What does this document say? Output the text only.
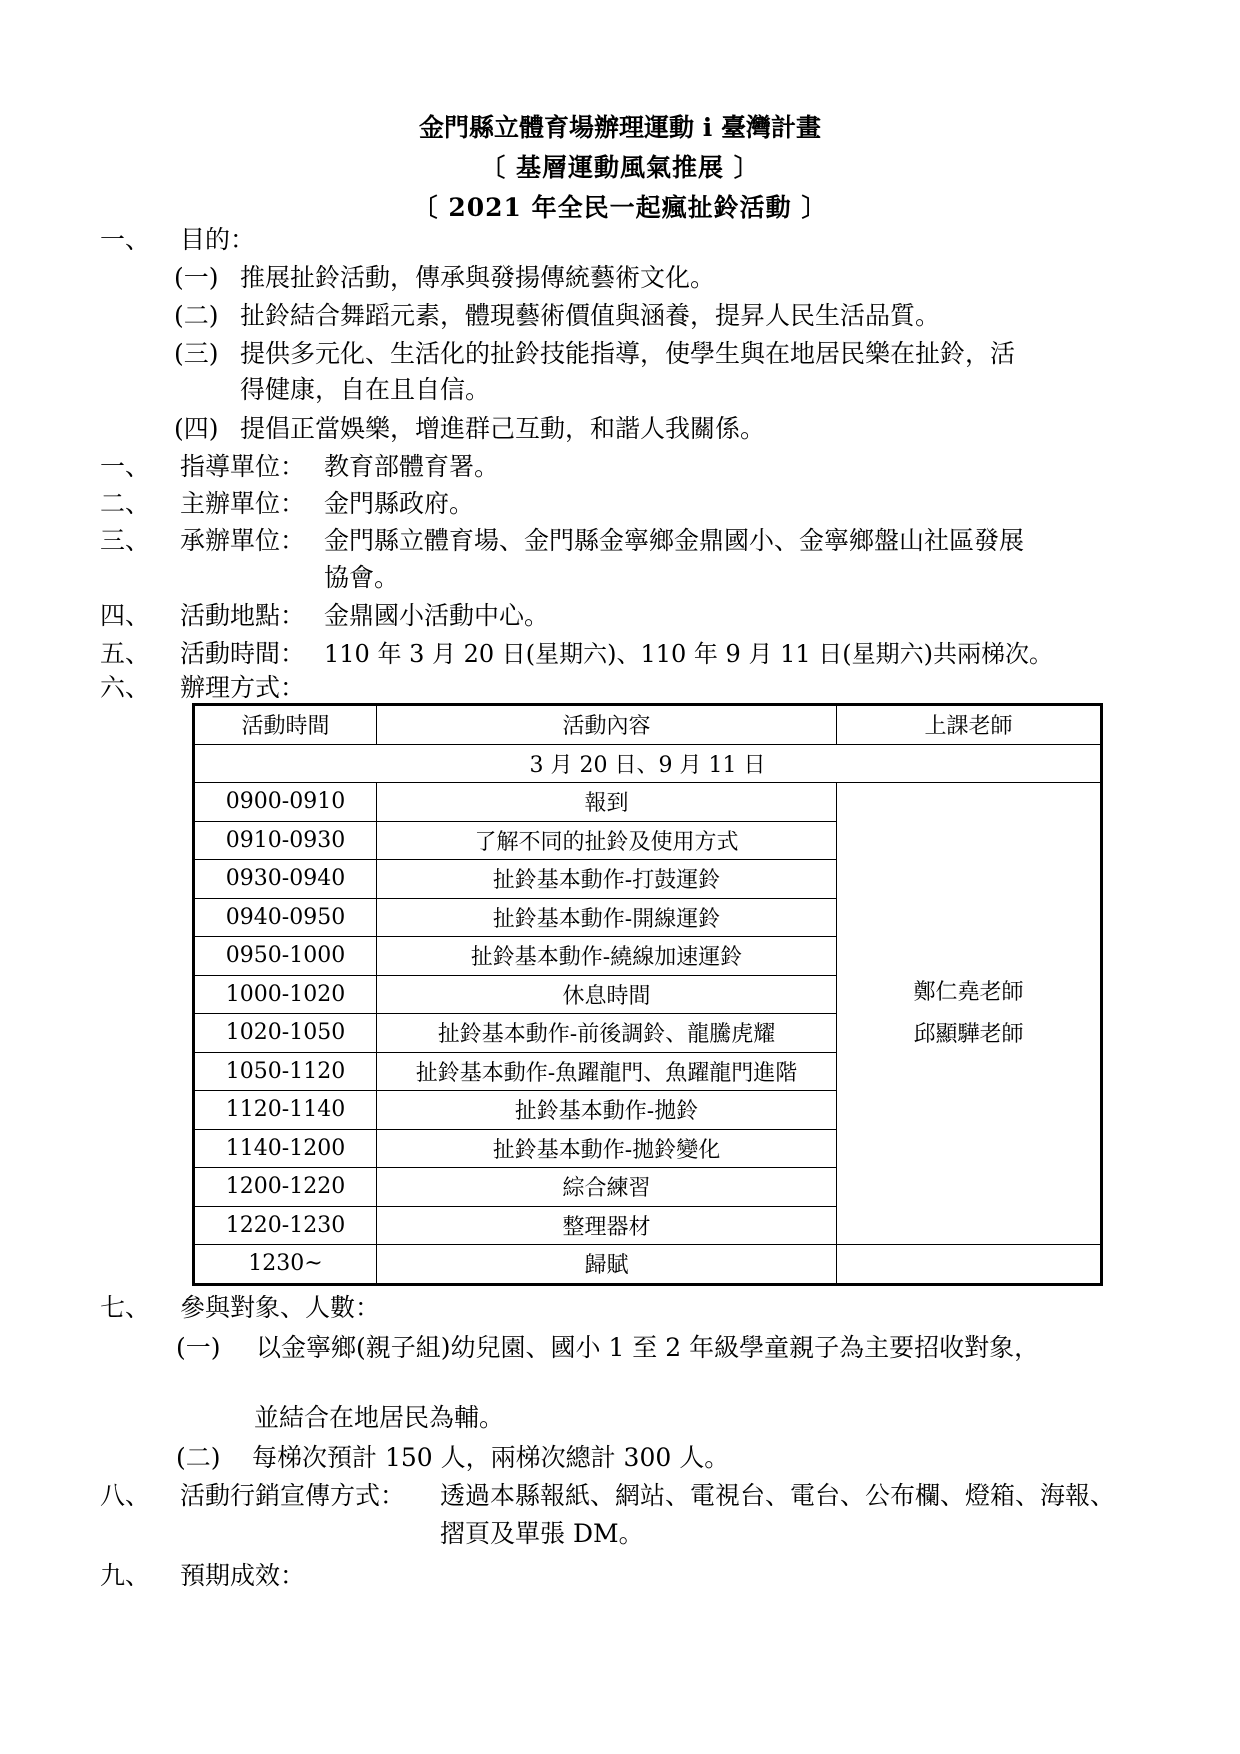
金門縣立體育場辦理運動 i 臺灣計畫
〔 基層運動風氣推展 〕
〔 2021 年全民一起瘋扯鈴活動 〕
一、 目的：
(一) 推展扯鈴活動，傳承與發揚傳統藝術文化。
(二) 扯鈴結合舞蹈元素，體現藝術價值與涵養，提昇人民生活品質。
(三) 提供多元化、生活化的扯鈴技能指導，使學生與在地居民樂在扯鈴，活
得健康，自在且自信。
(四) 提倡正當娛樂，增進群己互動，和諧人我關係。
一、 指導單位： 教育部體育署。
二、 主辦單位： 金門縣政府。
三、 承辦單位： 金門縣立體育場、金門縣金寧鄉金鼎國小、金寧鄉盤山社區發展
協會。
四、 活動地點： 金鼎國小活動中心。
五、 活動時間： 110 年 3 月 20 日(星期六)、110 年 9 月 11 日(星期六)共兩梯次。
六、 辦理方式：
活動時間	活動內容	上課老師
3 月 20 日、9 月 11 日		
0900-0910	報到	鄭仁堯老師
邱顯驊老師

0910-0930	了解不同的扯鈴及使用方式	
0930-0940	扯鈴基本動作-打鼓運鈴	
0940-0950	扯鈴基本動作-開線運鈴	
0950-1000	扯鈴基本動作-繞線加速運鈴	
1000-1020	休息時間	
1020-1050	扯鈴基本動作-前後調鈴、龍騰虎耀	
1050-1120	扯鈴基本動作-魚躍龍門、魚躍龍門進階	
1120-1140	扯鈴基本動作-拋鈴	
1140-1200	扯鈴基本動作-拋鈴變化	
1200-1220	綜合練習	
1220-1230	整理器材	
1230~	歸賦	
七、 參與對象、人數：
(一) 以金寧鄉(親子組)幼兒園、國小 1 至 2 年級學童親子為主要招收對象，
並結合在地居民為輔。
(二) 每梯次預計 150 人，兩梯次總計 300 人。
八、 活動行銷宣傳方式： 透過本縣報紙、網站、電視台、電台、公布欄、燈箱、海報、
摺頁及單張 DM。
九、 預期成效：
